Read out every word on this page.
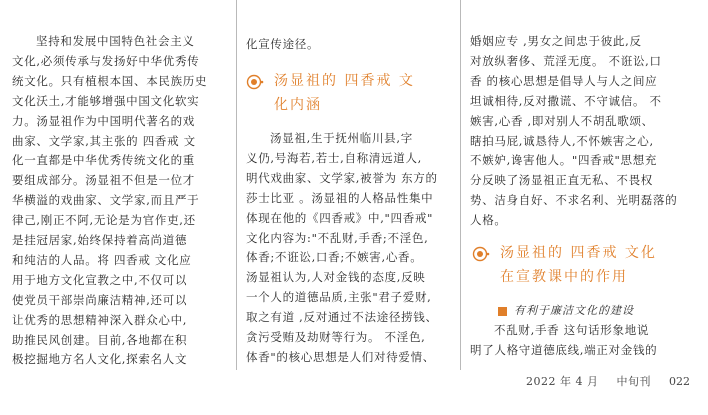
坚持和发展中国特色社会主义
文化,必须传承与发扬好中华优秀传
统文化。只有植根本国、本民族历史
文化沃土,才能够增强中国文化软实
力。汤显祖作为中国明代著名的戏
曲家、文学家,其主张的 四香戒 文
化一直都是中华优秀传统文化的重
要组成部分。汤显祖不但是一位才
华横溢的戏曲家、文学家,而且严于
律己,刚正不阿,无论是为官作吏,还
是挂冠居家,始终保持着高尚道德
和纯洁的人品。将 四香戒 文化应
用于地方文化宣教之中,不仅可以
使党员干部崇尚廉洁精神,还可以
让优秀的思想精神深入群众心中,
助推民风创建。目前,各地都在积
极挖掘地方名人文化,探索名人文
化宣传途径。
汤显祖的 四香戒 文
化内涵
汤显祖,生于抚州临川县,字
义仍,号海若,若士,自称清远道人,
明代戏曲家、文学家,被誉为 东方的
莎士比亚 。汤显祖的人格品性集中
体现在他的《四香戒》中,"四香戒"
文化内容为:"不乱财,手香;不淫色,
体香;不诳讼,口香;不嫉害,心香。
汤显祖认为,人对金钱的态度,反映
一个人的道德品质,主张"君子爱财,
取之有道 ,反对通过不法途径捞钱、
贪污受贿及劫财等行为。 不淫色,
体香"的核心思想是人们对待爱情、
婚姻应专 ,男女之间忠于彼此,反
对放纵奢侈、荒淫无度。 不诳讼,口
香 的核心思想是倡导人与人之间应
坦诚相待,反对撒谎、不守诚信。 不
嫉害,心香 ,即对别人不胡乱歌颂、
瞎拍马屁,诚恳待人,不怀嫉害之心,
不嫉妒,谗害他人。"四香戒"思想充
分反映了汤显祖正直无私、不畏权
势、洁身自好、不求名利、光明磊落的
人格。
汤显祖的 四香戒 文化
在宣教课中的作用
有利于廉洁文化的建设
不乱财,手香 这句话形象地说
明了人格守道德底线,端正对金钱的
2022 年 4 月 中旬刊 022
